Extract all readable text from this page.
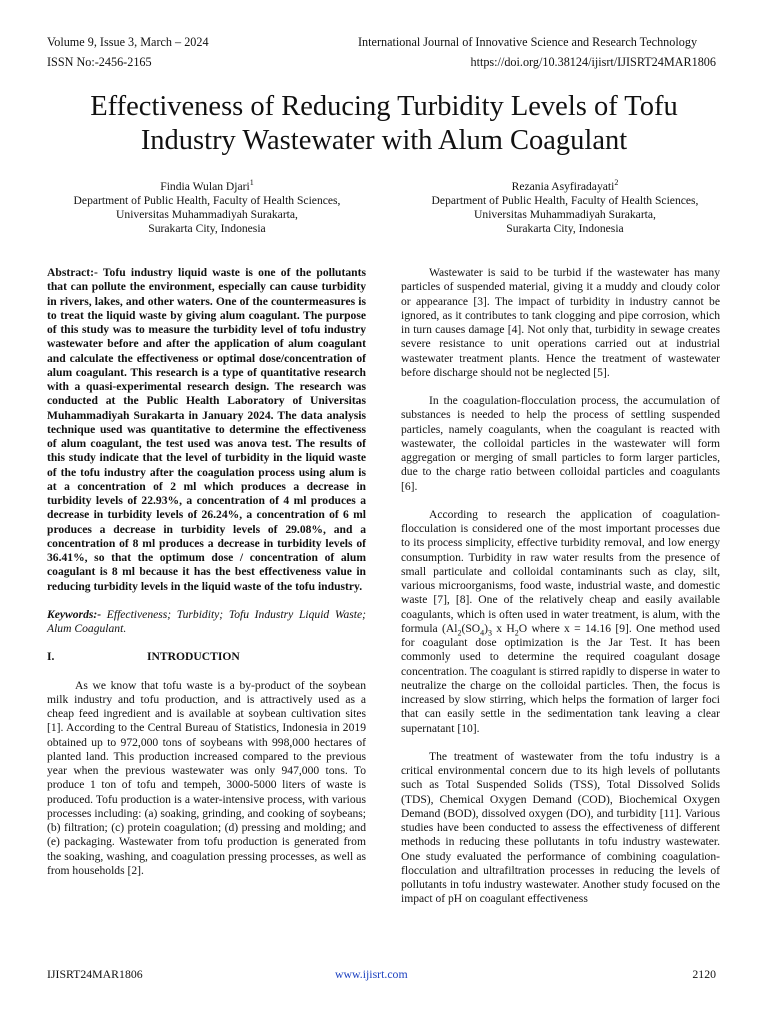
Volume 9, Issue 3, March – 2024	International Journal of Innovative Science and Research Technology
ISSN No:-2456-2165	https://doi.org/10.38124/ijisrt/IJISRT24MAR1806
Effectiveness of Reducing Turbidity Levels of Tofu
Industry Wastewater with Alum Coagulant
Findia Wulan Djari$^1$
Department of Public Health, Faculty of Health Sciences,
Universitas Muhammadiyah Surakarta,
Surakarta City, Indonesia
Rezania Asyfiradayati$^2$
Department of Public Health, Faculty of Health Sciences,
Universitas Muhammadiyah Surakarta,
Surakarta City, Indonesia

Abstract:- Tofu industry liquid waste is one of the pollutants that can pollute the environment, especially can cause turbidity in rivers, lakes, and other waters. One of the countermeasures is to treat the liquid waste by giving alum coagulant. The purpose of this study was to measure the turbidity level of tofu industry wastewater before and after the application of alum coagulant and calculate the effectiveness or optimal dose/concentration of alum coagulant. This research is a type of quantitative research with a quasi-experimental research design. The research was conducted at the Public Health Laboratory of Universitas Muhammadiyah Surakarta in January 2024. The data analysis technique used was quantitative to determine the effectiveness of alum coagulant, the test used was anova test. The results of this study indicate that the level of turbidity in the liquid waste of the tofu industry after the coagulation process using alum is at a concentration of 2 ml which produces a decrease in turbidity levels of 22.93%, a concentration of 4 ml produces a decrease in turbidity levels of 26.24%, a concentration of 6 ml produces a decrease in turbidity levels of 29.08%, and a concentration of 8 ml produces a decrease in turbidity levels of 36.41%, so that the optimum dose / concentration of alum coagulant is 8 ml because it has the best effectiveness value in reducing turbidity levels in the liquid waste of the tofu industry.

Keywords:- Effectiveness; Turbidity; Tofu Industry Liquid Waste; Alum Coagulant.

I.	INTRODUCTION

As we know that tofu waste is a by-product of the soybean milk industry and tofu production, and is attractively used as a cheap feed ingredient and is available at soybean cultivation sites [1]. According to the Central Bureau of Statistics, Indonesia in 2019 obtained up to 972,000 tons of soybeans with 998,000 hectares of planted land. This production increased compared to the previous year when the previous wastewater was only 947,000 tons. To produce 1 ton of tofu and tempeh, 3000-5000 liters of waste is produced. Tofu production is a water-intensive process, with various processes including: (a) soaking, grinding, and cooking of soybeans; (b) filtration; (c) protein coagulation; (d) pressing and molding; and (e) packaging. Wastewater from tofu production is generated from the soaking, washing, and coagulation pressing processes, as well as from households [2].

Wastewater is said to be turbid if the wastewater has many particles of suspended material, giving it a muddy and cloudy color or appearance [3]. The impact of turbidity in industry cannot be ignored, as it contributes to tank clogging and pipe corrosion, which in turn causes damage [4]. Not only that, turbidity in sewage creates severe resistance to unit operations carried out at industrial wastewater treatment plants. Hence the treatment of wastewater before discharge should not be neglected [5].

In the coagulation-flocculation process, the accumulation of substances is needed to help the process of settling suspended particles, namely coagulants, when the coagulant is reacted with wastewater, the colloidal particles in the wastewater will form aggregation or merging of small particles to form larger particles, due to the charge ratio between colloidal particles and coagulants [6].

According to research the application of coagulation-flocculation is considered one of the most important processes due to its process simplicity, effective turbidity removal, and low energy consumption. Turbidity in raw water results from the presence of small particulate and colloidal contaminants such as clay, silt, various microorganisms, food waste, industrial waste, and domestic waste [7], [8]. One of the relatively cheap and easily available coagulants, which is often used in water treatment, is alum, with the formula ($Al_2(SO_4)_3$ x $H_2O$ where x = 14.16 [9]. One method used for coagulant dose optimization is the Jar Test. It has been commonly used to determine the required coagulant dosage concentration. The coagulant is stirred rapidly to disperse in water to neutralize the charge on the colloidal particles. Then, the focus is increased by slow stirring, which helps the formation of larger foci that can easily settle in the sedimentation tank leaving a clear supernatant [10].

The treatment of wastewater from the tofu industry is a critical environmental concern due to its high levels of pollutants such as Total Suspended Solids (TSS), Total Dissolved Solids (TDS), Chemical Oxygen Demand (COD), Biochemical Oxygen Demand (BOD), dissolved oxygen (DO), and turbidity [11]. Various studies have been conducted to assess the effectiveness of different methods in reducing these pollutants in tofu industry wastewater. One study evaluated the performance of combining coagulation-flocculation and ultrafiltration processes in reducing the levels of pollutants in tofu industry wastewater. Another study focused on the impact of pH on coagulant effectiveness

IJISRT24MAR1806	www.ijisrt.com	2120
